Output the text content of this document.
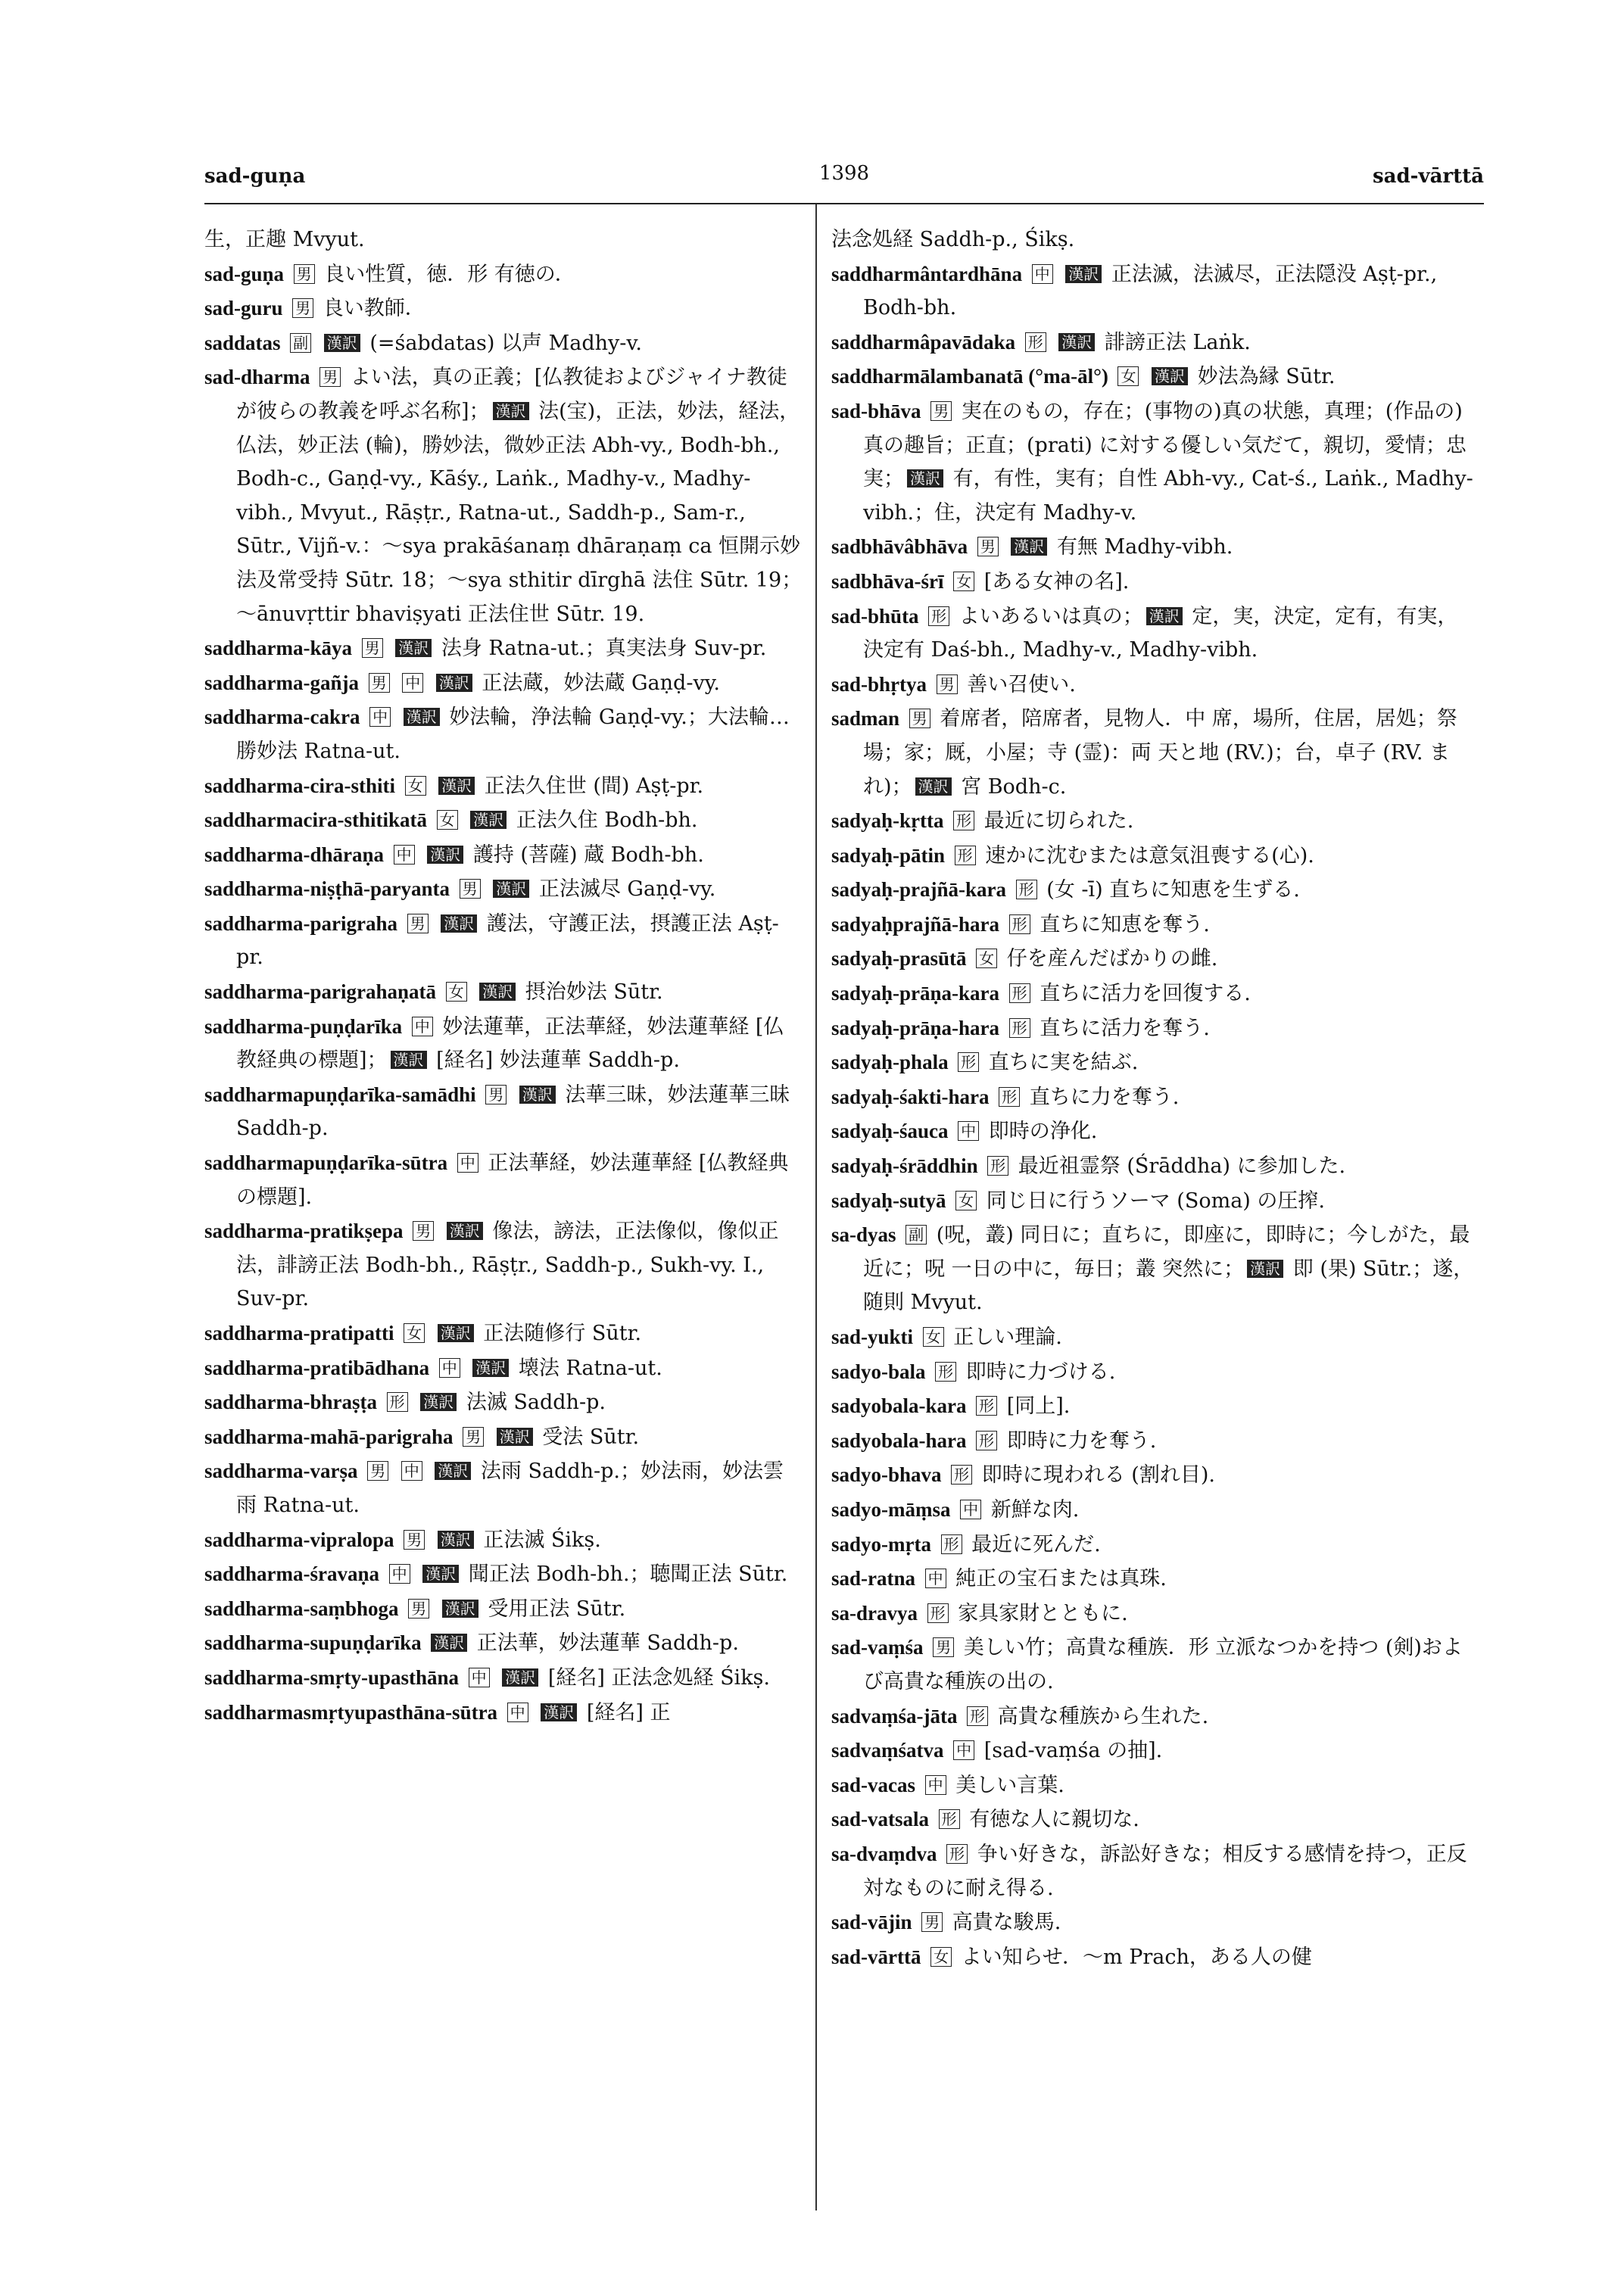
sad-guṇa	1398	sad-vārttā
生，正趣 Mvyut.
sad-guṇa 男 良い性質，徳．形 有徳の．
sad-guru 男 良い教師．
saddatas 副 漢訳 (=śabdatas) 以声 Madhy-v.
sad-dharma 男 よい法，真の正義；[仏教徒およびジャイナ教徒が彼らの教義を呼ぶ名称]； 漢訳 法(宝)，正法，妙法，経法，仏法，妙正法 (輪)，勝妙法，微妙正法 Abh-vy., Bodh-bh., Bodh-c., Gaṇḍ-vy., Kāśy., Laṅk., Madhy-v., Madhy-vibh., Mvyut., Rāṣṭr., Ratna-ut., Saddh-p., Sam-r., Sūtr., Vijñ-v.：～sya prakāśanaṃ dhāraṇaṃ ca 恒開示妙法及常受持 Sūtr. 18；～sya sthitir dīrghā 法住 Sūtr. 19；～ānuvṛttir bhaviṣyati 正法住世 Sūtr. 19.
saddharma-kāya 男 漢訳 法身 Ratna-ut.；真実法身 Suv-pr.
saddharma-gañja 男 中 漢訳 正法蔵，妙法蔵 Gaṇḍ-vy.
saddharma-cakra 中 漢訳 妙法輪，浄法輪 Gaṇḍ-vy.；大法輪…勝妙法 Ratna-ut.
saddharma-cira-sthiti 女 漢訳 正法久住世 (間) Aṣṭ-pr.
saddharmacira-sthitikatā 女 漢訳 正法久住 Bodh-bh.
saddharma-dhāraṇa 中 漢訳 護持 (菩薩) 蔵 Bodh-bh.
saddharma-niṣṭhā-paryanta 男 漢訳 正法滅尽 Gaṇḍ-vy.
saddharma-parigraha 男 漢訳 護法，守護正法，摂護正法 Aṣṭ-pr.
saddharma-parigrahaṇatā 女 漢訳 摂治妙法 Sūtr.
saddharma-puṇḍarīka 中 妙法蓮華，正法華経，妙法蓮華経 [仏教経典の標題]； 漢訳 [経名] 妙法蓮華 Saddh-p.
saddharmapuṇḍarīka-samādhi 男 漢訳 法華三昧，妙法蓮華三昧 Saddh-p.
saddharmapuṇḍarīka-sūtra 中 正法華経，妙法蓮華経 [仏教経典の標題].
saddharma-pratikṣepa 男 漢訳 像法，謗法，正法像似，像似正法，誹謗正法 Bodh-bh., Rāṣṭr., Saddh-p., Sukh-vy. I., Suv-pr.
saddharma-pratipatti 女 漢訳 正法随修行 Sūtr.
saddharma-pratibādhana 中 漢訳 壊法 Ratna-ut.
saddharma-bhraṣṭa 形 漢訳 法滅 Saddh-p.
saddharma-mahā-parigraha 男 漢訳 受法 Sūtr.
saddharma-varṣa 男 中 漢訳 法雨 Saddh-p.；妙法雨，妙法雲雨 Ratna-ut.
saddharma-vipralopa 男 漢訳 正法滅 Śikṣ.
saddharma-śravaṇa 中 漢訳 聞正法 Bodh-bh.；聴聞正法 Sūtr.
saddharma-saṃbhoga 男 漢訳 受用正法 Sūtr.
saddharma-supuṇḍarīka 漢訳 正法華，妙法蓮華 Saddh-p.
saddharma-smṛty-upasthāna 中 漢訳 [経名] 正法念処経 Śikṣ.
saddharmasmṛtyupasthāna-sūtra 中 漢訳 [経名] 正
法念処経 Saddh-p., Śikṣ.
saddharmântardhāna 中 漢訳 正法滅，法滅尽，正法隠没 Aṣṭ-pr., Bodh-bh.
saddharmâpavādaka 形 漢訳 誹謗正法 Laṅk.
saddharmālambanatā (°ma-āl°) 女 漢訳 妙法為縁 Sūtr.
sad-bhāva 男 実在のもの，存在；(事物の)真の状態，真理；(作品の) 真の趣旨；正直；(prati) に対する優しい気だて，親切，愛情；忠実； 漢訳 有，有性，実有；自性 Abh-vy., Cat-ś., Laṅk., Madhy-vibh.；住，決定有 Madhy-v.
sadbhāvâbhāva 男 漢訳 有無 Madhy-vibh.
sadbhāva-śrī 女 [ある女神の名].
sad-bhūta 形 よいあるいは真の； 漢訳 定，実，決定，定有，有実，決定有 Daś-bh., Madhy-v., Madhy-vibh.
sad-bhṛtya 男 善い召使い.
sadman 男 着席者，陪席者，見物人．中 席，場所，住居，居処；祭場；家；厩，小屋；寺 (霊)：両 天と地 (RV.)；台，卓子 (RV. まれ)； 漢訳 宮 Bodh-c.
sadyaḥ-kṛtta 形 最近に切られた.
sadyaḥ-pātin 形 速かに沈むまたは意気沮喪する(心).
sadyaḥ-prajñā-kara 形 (女 -ī) 直ちに知恵を生ずる.
sadyaḥprajñā-hara 形 直ちに知恵を奪う.
sadyaḥ-prasūtā 女 仔を産んだばかりの雌.
sadyaḥ-prāṇa-kara 形 直ちに活力を回復する.
sadyaḥ-prāṇa-hara 形 直ちに活力を奪う.
sadyaḥ-phala 形 直ちに実を結ぶ.
sadyaḥ-śakti-hara 形 直ちに力を奪う.
sadyaḥ-śauca 中 即時の浄化.
sadyaḥ-śrāddhin 形 最近祖霊祭 (Śrāddha) に参加した.
sadyaḥ-sutyā 女 同じ日に行うソーマ (Soma) の圧搾.
sa-dyas 副 (呪，叢) 同日に；直ちに，即座に，即時に；今しがた，最近に；呪 一日の中に，毎日；叢 突然に； 漢訳 即 (果) Sūtr.；遂，随則 Mvyut.
sad-yukti 女 正しい理論.
sadyo-bala 形 即時に力づける.
sadyobala-kara 形 [同上].
sadyobala-hara 形 即時に力を奪う.
sadyo-bhava 形 即時に現われる (割れ目).
sadyo-māṃsa 中 新鮮な肉.
sadyo-mṛta 形 最近に死んだ.
sad-ratna 中 純正の宝石または真珠.
sa-dravya 形 家具家財とともに.
sad-vaṃśa 男 美しい竹；高貴な種族．形 立派なつかを持つ (剣)および高貴な種族の出の.
sadvaṃśa-jāta 形 高貴な種族から生れた.
sadvaṃśatva 中 [sad-vaṃśa の抽].
sad-vacas 中 美しい言葉.
sad-vatsala 形 有徳な人に親切な.
sa-dvaṃdva 形 争い好きな，訴訟好きな；相反する感情を持つ，正反対なものに耐え得る.
sad-vājin 男 高貴な駿馬.
sad-vārttā 女 よい知らせ．～m Prach，ある人の健
